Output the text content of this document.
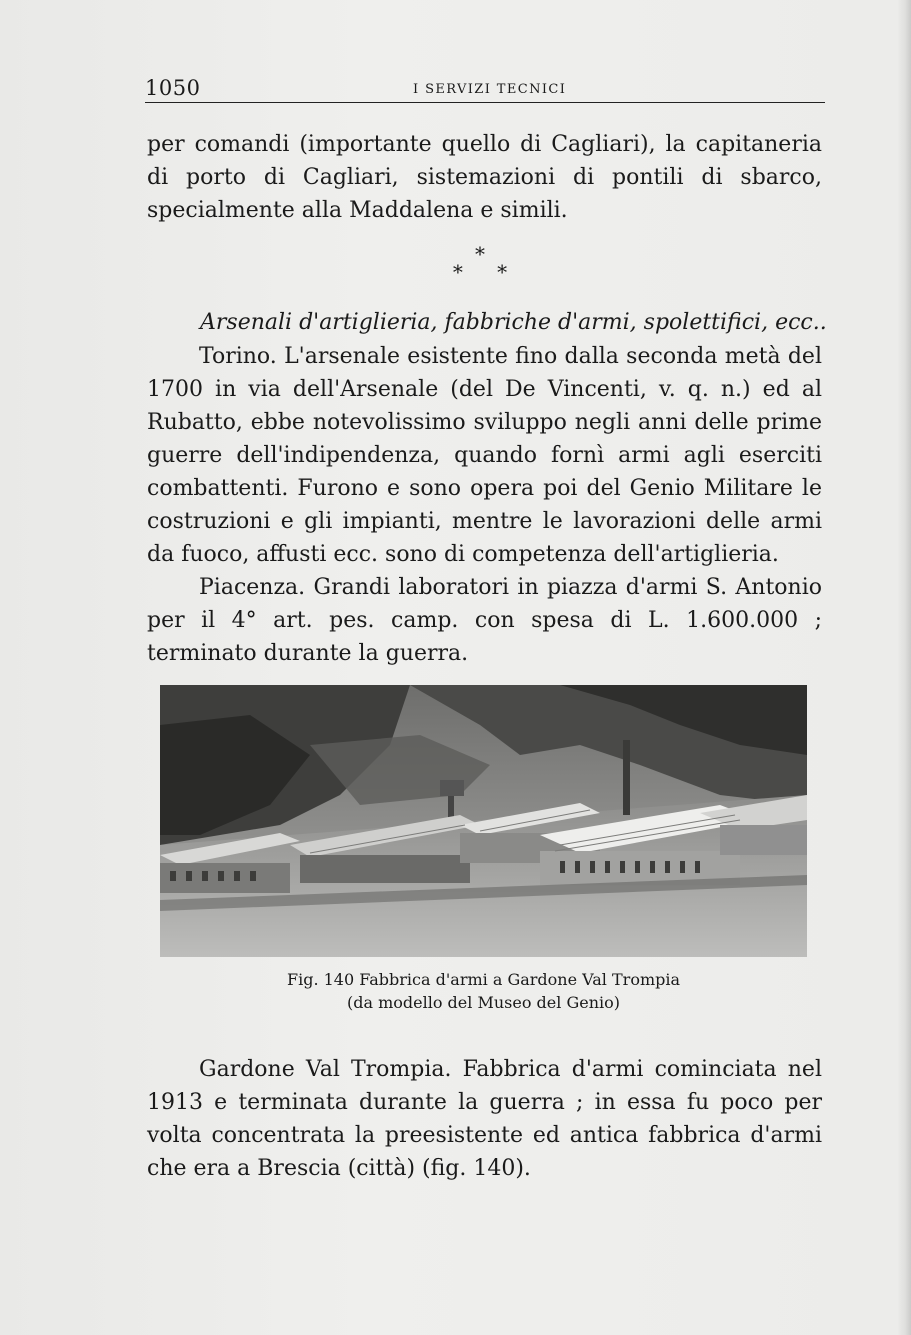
1050	I SERVIZI TECNICI

per comandi (importante quello di Cagliari), la capitaneria di porto di Cagliari, sistemazioni di pontili di sbarco, specialmente alla Maddalena e simili.

*
* *
Arsenali d'artiglieria, fabbriche d'armi, spolettifici, ecc..

Torino. L'arsenale esistente fino dalla seconda metà del 1700 in via dell'Arsenale (del De Vincenti, v. q. n.) ed al Rubatto, ebbe notevolissimo sviluppo negli anni delle prime guerre dell'indipendenza, quando fornì armi agli eserciti combattenti. Furono e sono opera poi del Genio Militare le costruzioni e gli impianti, mentre le lavorazioni delle armi da fuoco, affusti ecc. sono di competenza dell'artiglieria.

Piacenza. Grandi laboratori in piazza d'armi S. Antonio per il 4° art. pes. camp. con spesa di L. 1.600.000 ; terminato durante la guerra.

Fig. 140 Fabbrica d'armi a Gardone Val Trompia
(da modello del Museo del Genio)

Gardone Val Trompia. Fabbrica d'armi cominciata nel 1913 e terminata durante la guerra ; in essa fu poco per volta concentrata la preesistente ed antica fabbrica d'armi che era a Brescia (città) (fig. 140).
